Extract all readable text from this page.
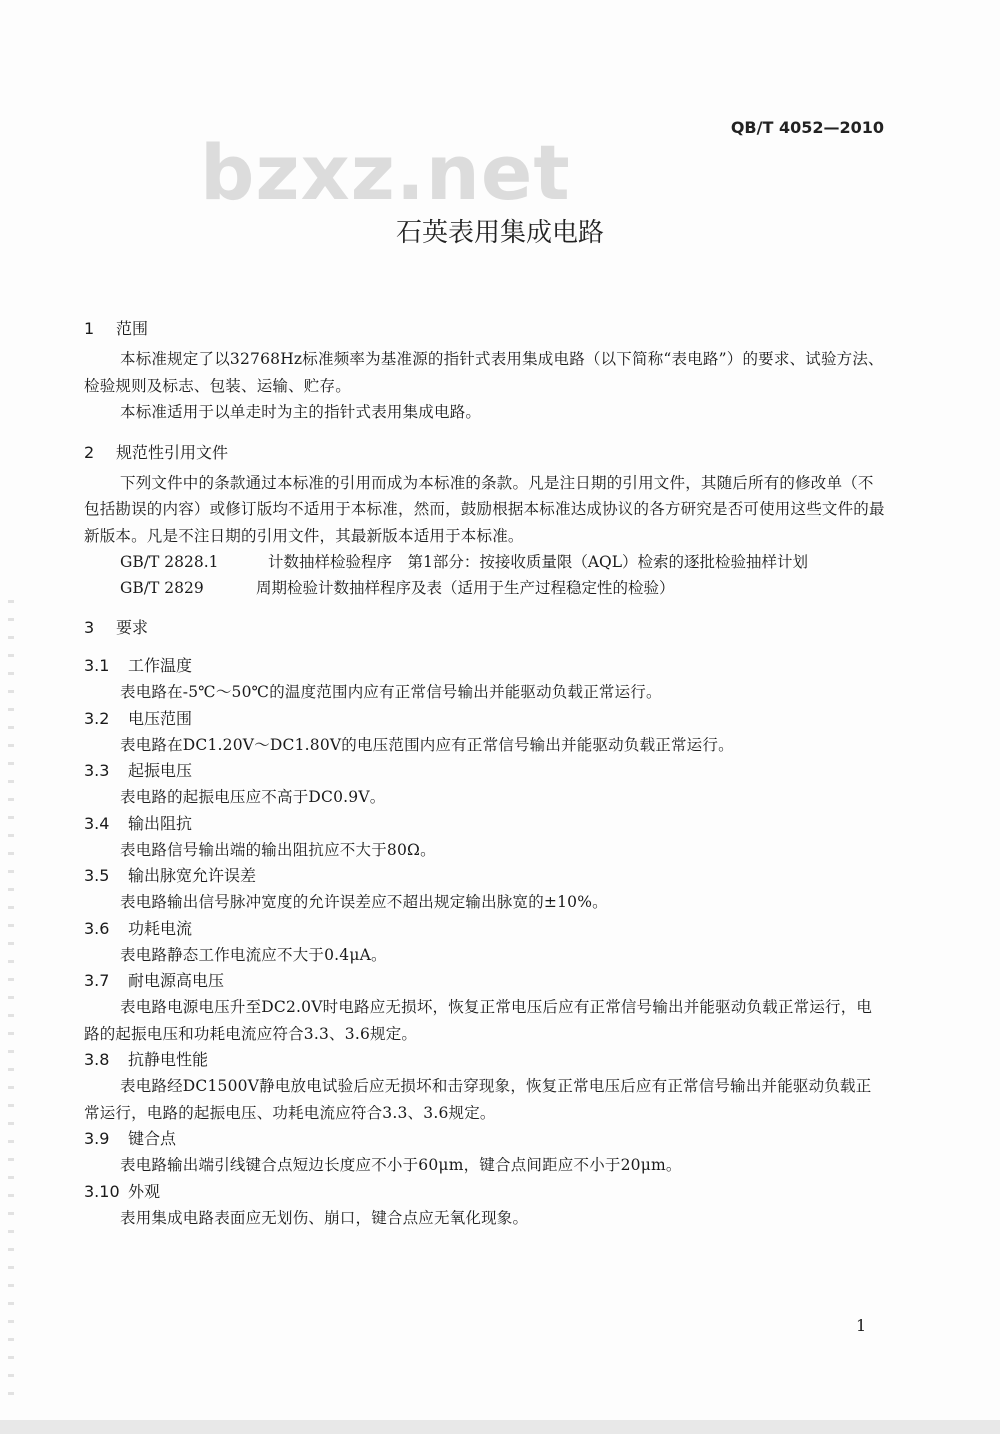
QB/T 4052—2010
bzxz.net
石英表用集成电路
1 范围
本标准规定了以32768Hz标准频率为基准源的指针式表用集成电路（以下简称“表电路”）的要求、试验方法、检验规则及标志、包装、运输、贮存。
本标准适用于以单走时为主的指针式表用集成电路。
2 规范性引用文件
下列文件中的条款通过本标准的引用而成为本标准的条款。凡是注日期的引用文件，其随后所有的修改单（不包括勘误的内容）或修订版均不适用于本标准，然而，鼓励根据本标准达成协议的各方研究是否可使用这些文件的最新版本。凡是不注日期的引用文件，其最新版本适用于本标准。
GB/T 2828.1	计数抽样检验程序　第1部分：按接收质量限（AQL）检索的逐批检验抽样计划
GB/T 2829	周期检验计数抽样程序及表（适用于生产过程稳定性的检验）
3 要求
3.1 工作温度
表电路在-5℃～50℃的温度范围内应有正常信号输出并能驱动负载正常运行。
3.2 电压范围
表电路在DC1.20V～DC1.80V的电压范围内应有正常信号输出并能驱动负载正常运行。
3.3 起振电压
表电路的起振电压应不高于DC0.9V。
3.4 输出阻抗
表电路信号输出端的输出阻抗应不大于80Ω。
3.5 输出脉宽允许误差
表电路输出信号脉冲宽度的允许误差应不超出规定输出脉宽的±10%。
3.6 功耗电流
表电路静态工作电流应不大于0.4μA。
3.7 耐电源高电压
表电路电源电压升至DC2.0V时电路应无损坏，恢复正常电压后应有正常信号输出并能驱动负载正常运行，电路的起振电压和功耗电流应符合3.3、3.6规定。
3.8 抗静电性能
表电路经DC1500V静电放电试验后应无损坏和击穿现象，恢复正常电压后应有正常信号输出并能驱动负载正常运行，电路的起振电压、功耗电流应符合3.3、3.6规定。
3.9 键合点
表电路输出端引线键合点短边长度应不小于60μm，键合点间距应不小于20μm。
3.10 外观
表用集成电路表面应无划伤、崩口，键合点应无氧化现象。
1
